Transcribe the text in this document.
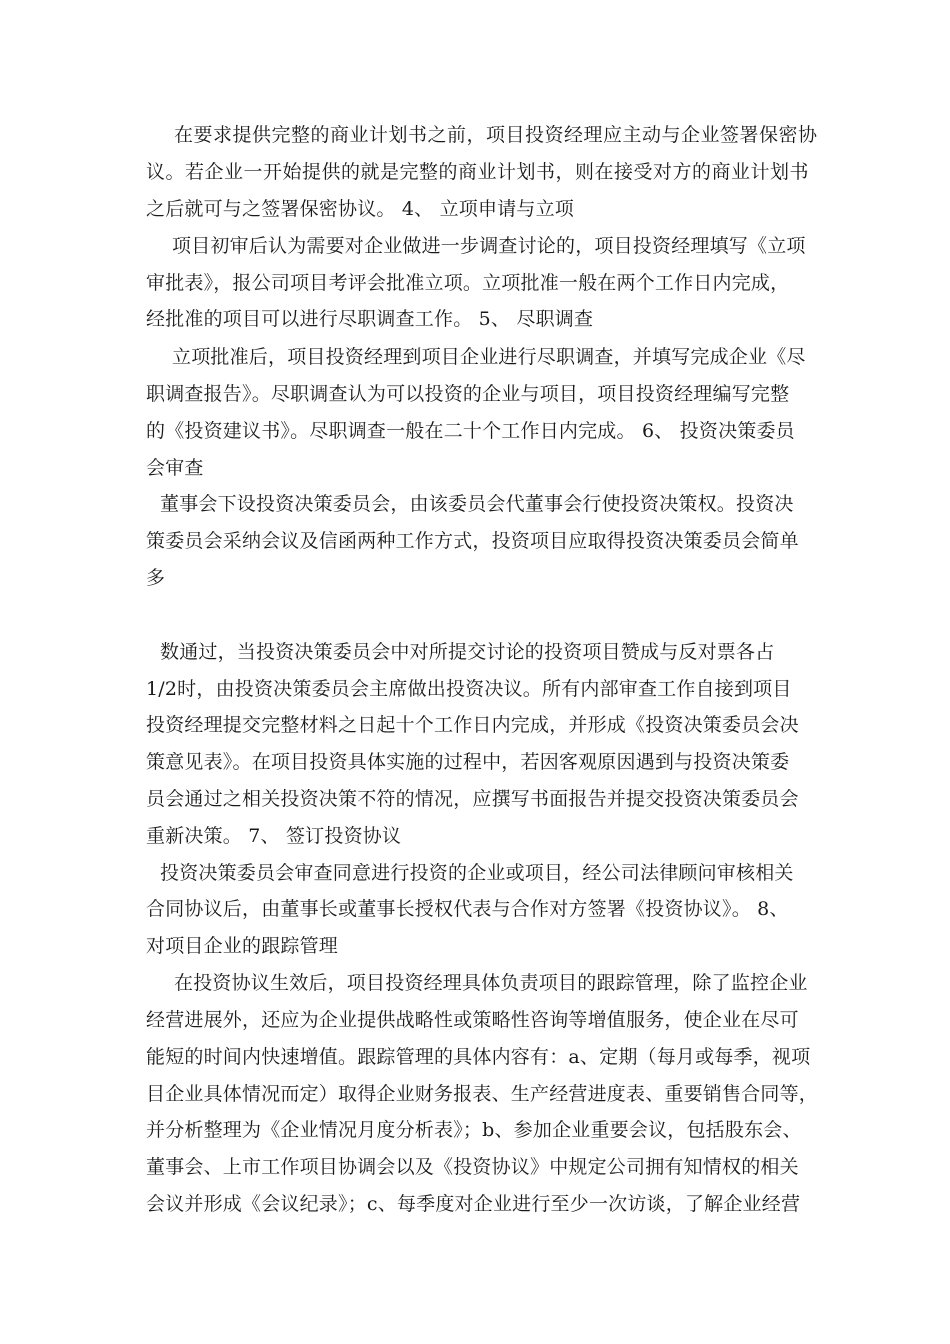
在要求提供完整的商业计划书之前，项目投资经理应主动与企业签署保密协

议。若企业一开始提供的就是完整的商业计划书，则在接受对方的商业计划书

之后就可与之签署保密协议。 4、 立项申请与立项

项目初审后认为需要对企业做进一步调查讨论的，项目投资经理填写《立项

审批表》，报公司项目考评会批准立项。立项批准一般在两个工作日内完成，

经批准的项目可以进行尽职调查工作。 5、 尽职调查

立项批准后，项目投资经理到项目企业进行尽职调查，并填写完成企业《尽

职调查报告》。尽职调查认为可以投资的企业与项目，项目投资经理编写完整

的《投资建议书》。尽职调查一般在二十个工作日内完成。 6、 投资决策委员

会审查

董事会下设投资决策委员会，由该委员会代董事会行使投资决策权。投资决

策委员会采纳会议及信函两种工作方式，投资项目应取得投资决策委员会简单

多

数通过，当投资决策委员会中对所提交讨论的投资项目赞成与反对票各占

1/2时，由投资决策委员会主席做出投资决议。所有内部审查工作自接到项目

投资经理提交完整材料之日起十个工作日内完成，并形成《投资决策委员会决

策意见表》。在项目投资具体实施的过程中，若因客观原因遇到与投资决策委

员会通过之相关投资决策不符的情况，应撰写书面报告并提交投资决策委员会

重新决策。 7、 签订投资协议

投资决策委员会审查同意进行投资的企业或项目，经公司法律顾问审核相关

合同协议后，由董事长或董事长授权代表与合作对方签署《投资协议》。 8、

对项目企业的跟踪管理

在投资协议生效后，项目投资经理具体负责项目的跟踪管理，除了监控企业

经营进展外，还应为企业提供战略性或策略性咨询等增值服务，使企业在尽可

能短的时间内快速增值。跟踪管理的具体内容有：a、定期（每月或每季，视项

目企业具体情况而定）取得企业财务报表、生产经营进度表、重要销售合同等，

并分析整理为《企业情况月度分析表》；b、参加企业重要会议，包括股东会、

董事会、上市工作项目协调会以及《投资协议》中规定公司拥有知情权的相关

会议并形成《会议纪录》；c、每季度对企业进行至少一次访谈，了解企业经营
